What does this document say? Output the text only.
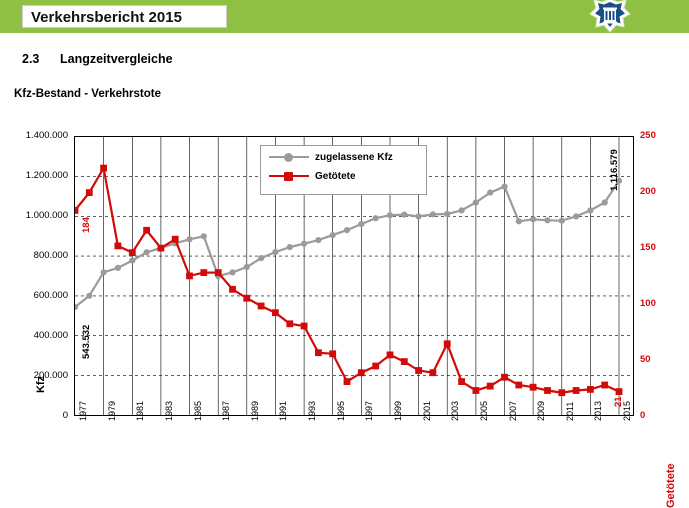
Verkehrsbericht 2015
2.3 Langzeitvergleiche
Kfz-Bestand - Verkehrstote
Kfz
Getötete
1.400.000
1.200.000
1.000.000
800.000
600.000
400.000
200.000
0
250
200
150
100
50
0
zugelassene Kfz
Getötete
543.532
184
1.116.579
21
1977 1979 1981 1983 1985 1987 1989 1991 1993 1995 1997 1999 2001 2003 2005 2007 2009 2011 2013 2015
